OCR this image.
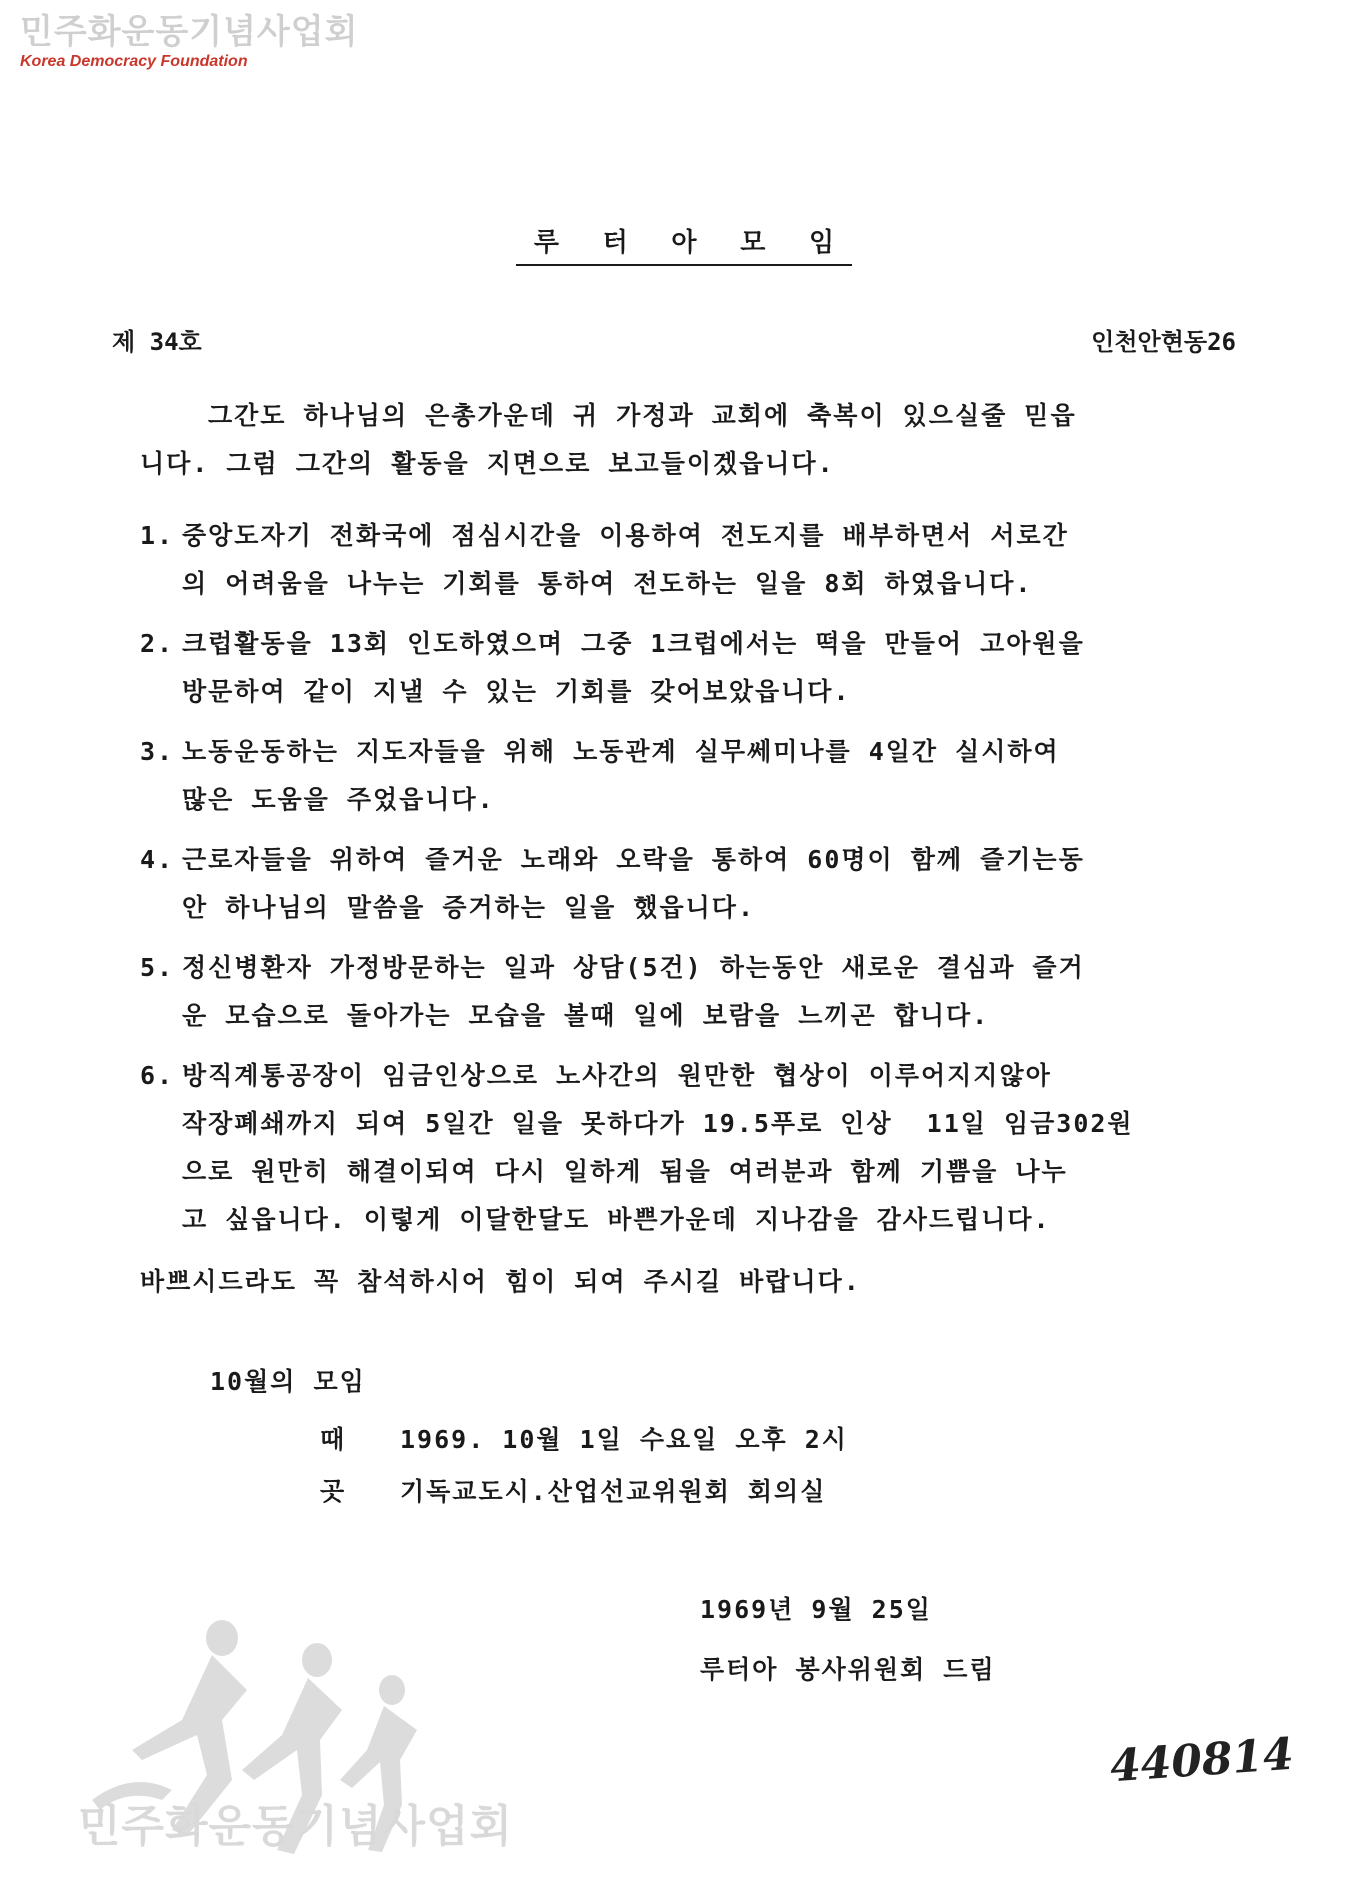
민주화운동기념사업회
Korea Democracy Foundation
루 터 아 모 임
제 34호	인천안현동26
그간도 하나님의 은총가운데 귀 가정과 교회에 축복이 있으실줄 믿읍
니다. 그럼 그간의 활동을 지면으로 보고들이겠읍니다.
1. 중앙도자기 전화국에 점심시간을 이용하여 전도지를 배부하면서 서로간
의 어려움을 나누는 기회를 통하여 전도하는 일을 8회 하였읍니다.
2. 크럽활동을 13회 인도하였으며 그중 1크럽에서는 떡을 만들어 고아원을
방문하여 같이 지낼 수 있는 기회를 갖어보았읍니다.
3. 노동운동하는 지도자들을 위해 노동관계 실무쎄미나를 4일간 실시하여
많은 도움을 주었읍니다.
4. 근로자들을 위하여 즐거운 노래와 오락을 통하여 60명이 함께 즐기는동
안 하나님의 말씀을 증거하는 일을 했읍니다.
5. 정신병환자 가정방문하는 일과 상담(5건) 하는동안 새로운 결심과 즐거
운 모습으로 돌아가는 모습을 볼때 일에 보람을 느끼곤 합니다.
6. 방직계통공장이 임금인상으로 노사간의 원만한 협상이 이루어지지않아
작장폐쇄까지 되여 5일간 일을 못하다가 19.5푸로 인상  11일 임금302원
으로 원만히 해결이되여 다시 일하게 됨을 여러분과 함께 기쁨을 나누
고 싶읍니다. 이렇게 이달한달도 바쁜가운데 지나감을 감사드립니다.
바쁘시드라도 꼭 참석하시어 힘이 되여 주시길 바랍니다.
10월의 모임
때 1969. 10월 1일 수요일 오후 2시
곳 기독교도시.산업선교위원회 회의실
1969년 9월 25일
루터아 봉사위원회 드림
440814
민주화운동기념사업회
